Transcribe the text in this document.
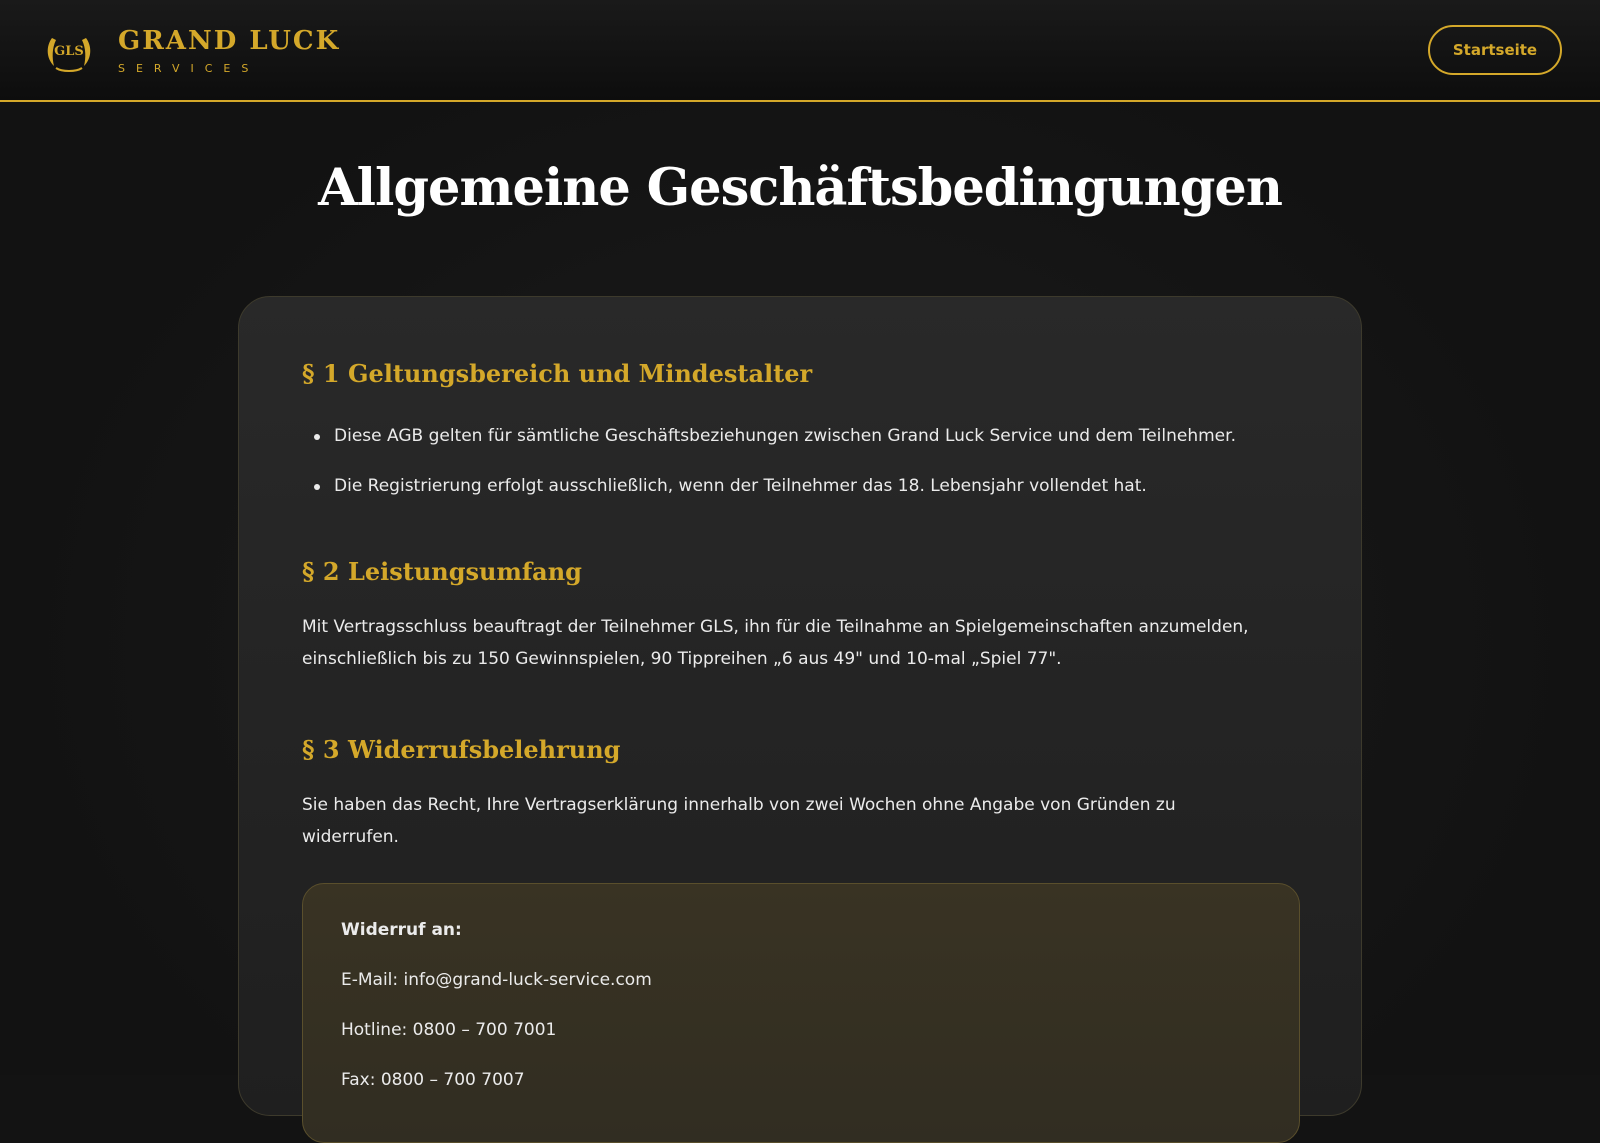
GLS GRAND LUCK
SERVICES
Startseite
Allgemeine Geschäftsbedingungen
§ 1 Geltungsbereich und Mindestalter
Diese AGB gelten für sämtliche Geschäftsbeziehungen zwischen Grand Luck Service und dem Teilnehmer.
Die Registrierung erfolgt ausschließlich, wenn der Teilnehmer das 18. Lebensjahr vollendet hat.
§ 2 Leistungsumfang
Mit Vertragsschluss beauftragt der Teilnehmer GLS, ihn für die Teilnahme an Spielgemeinschaften anzumelden,
einschließlich bis zu 150 Gewinnspielen, 90 Tippreihen „6 aus 49" und 10-mal „Spiel 77".
§ 3 Widerrufsbelehrung
Sie haben das Recht, Ihre Vertragserklärung innerhalb von zwei Wochen ohne Angabe von Gründen zu
widerrufen.
Widerruf an:
E-Mail: info@grand-luck-service.com
Hotline: 0800 – 700 7001
Fax: 0800 – 700 7007
